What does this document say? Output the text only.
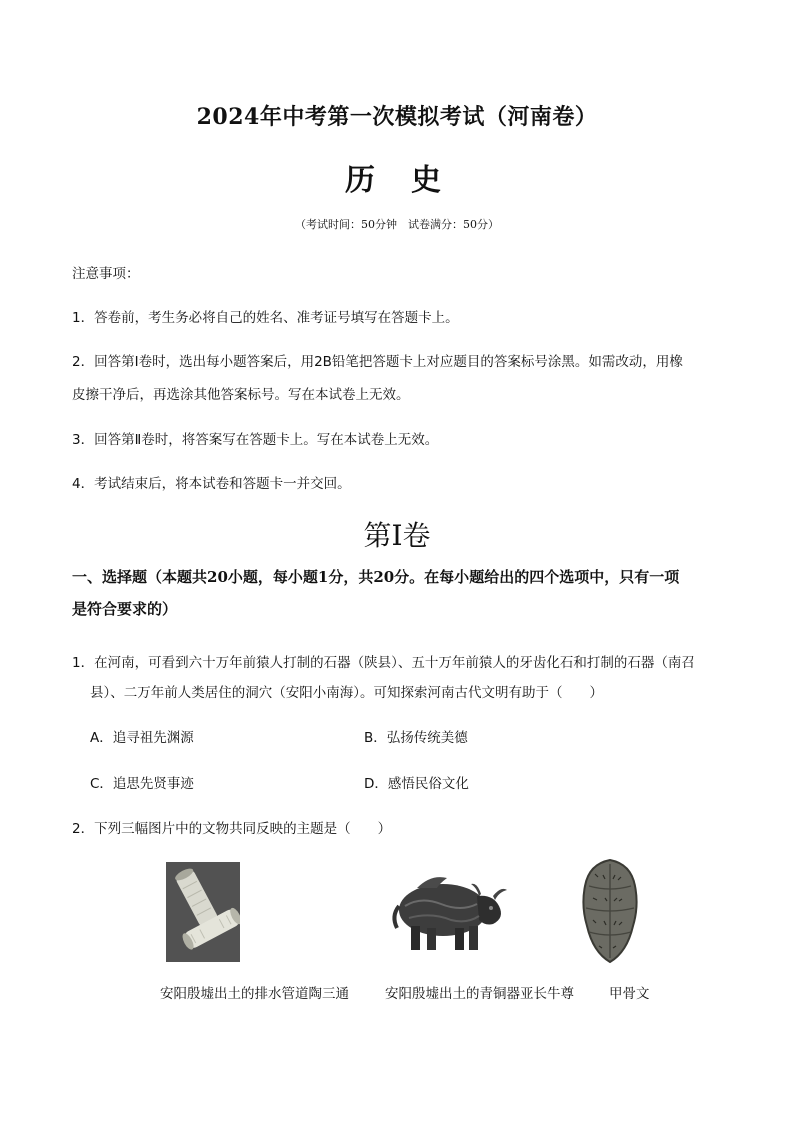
2024年中考第一次模拟考试（河南卷）
历 史
（考试时间：50分钟　试卷满分：50分）
注意事项：
1．答卷前，考生务必将自己的姓名、准考证号填写在答题卡上。
2．回答第Ⅰ卷时，选出每小题答案后，用2B铅笔把答题卡上对应题目的答案标号涂黑。如需改动，用橡
皮擦干净后，再选涂其他答案标号。写在本试卷上无效。
3．回答第Ⅱ卷时，将答案写在答题卡上。写在本试卷上无效。
4．考试结束后，将本试卷和答题卡一并交回。
第Ⅰ卷
一、选择题（本题共20小题，每小题1分，共20分。在每小题给出的四个选项中，只有一项
是符合要求的）
1．在河南，可看到六十万年前猿人打制的石器（陕县）、五十万年前猿人的牙齿化石和打制的石器（南召
县）、二万年前人类居住的洞穴（安阳小南海）。可知探索河南古代文明有助于（　　）
A．追寻祖先渊源	B．弘扬传统美德
C．追思先贤事迹	D．感悟民俗文化
2．下列三幅图片中的文物共同反映的主题是（　　）
安阳殷墟出土的排水管道陶三通	安阳殷墟出土的青铜器亚长牛尊	甲骨文
